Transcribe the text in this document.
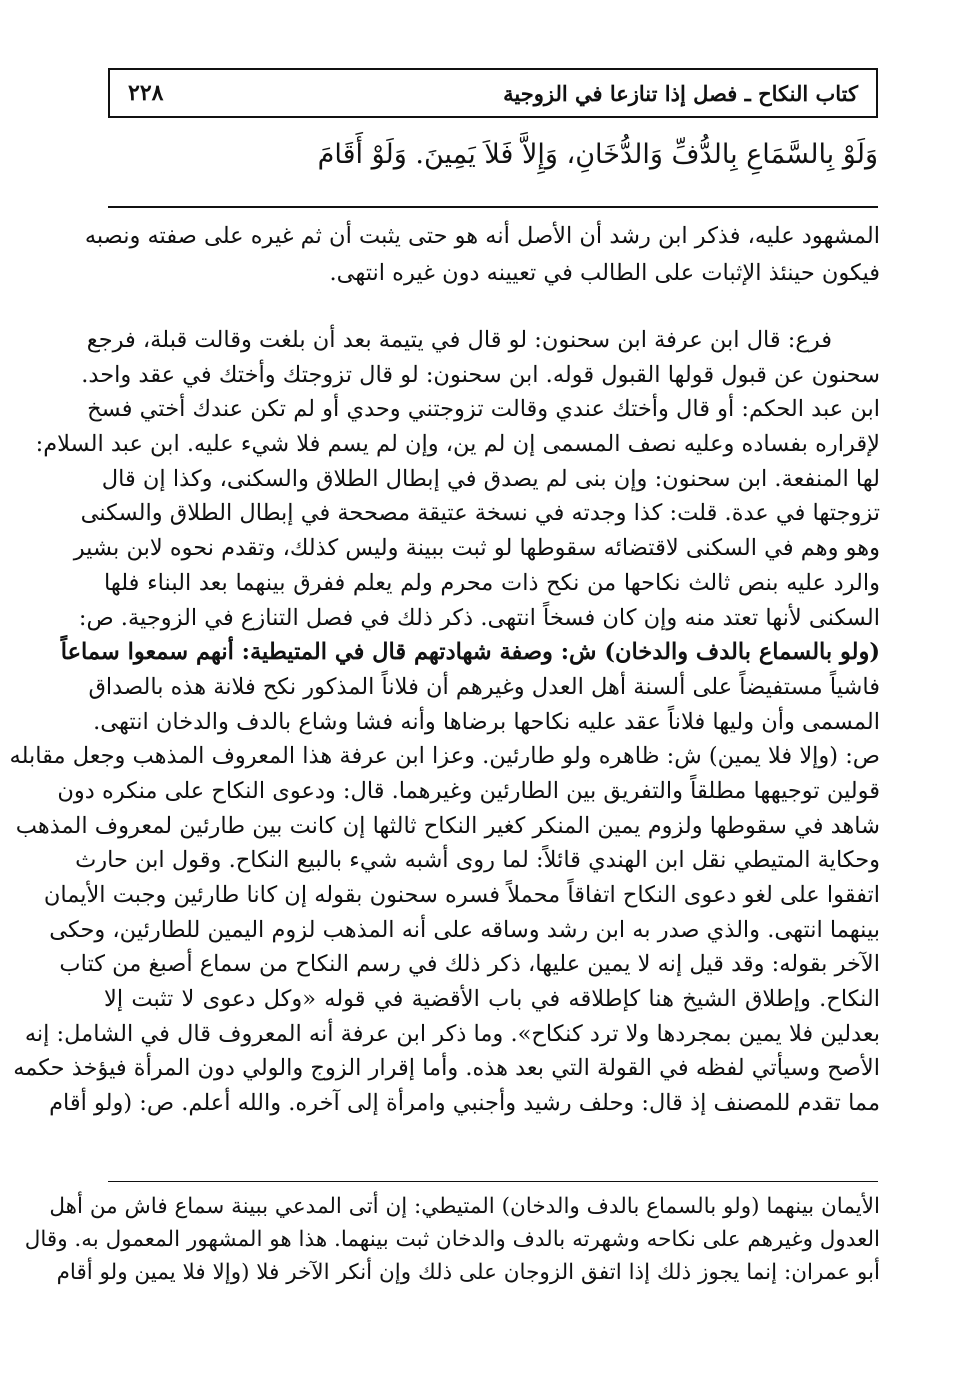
٢٢٨	كتاب النكاح ـ فصل إذا تنازعا في الزوجية
وَلَوْ بِالسَّمَاعِ بِالدُّفِّ وَالدُّخَانِ، وَإِلاَّ فَلاَ يَمِينَ. وَلَوْ أَقَامَ
المشهود عليه، فذكر ابن رشد أن الأصل أنه هو حتى يثبت أن ثم غيره على صفته ونصبه
فيكون حينئذ الإثبات على الطالب في تعيينه دون غيره انتهى.
فرع: قال ابن عرفة ابن سحنون: لو قال في يتيمة بعد أن بلغت وقالت قبلة، فرجع
سحنون عن قبول قولها القبول قوله. ابن سحنون: لو قال تزوجتك وأختك في عقد واحد.
ابن عبد الحكم: أو قال وأختك عندي وقالت تزوجتني وحدي أو لم تكن عندك أختي فسخ
لإقراره بفساده وعليه نصف المسمى إن لم ين، وإن لم يسم فلا شيء عليه. ابن عبد السلام:
لها المنفعة. ابن سحنون: وإن بنى لم يصدق في إبطال الطلاق والسكنى، وكذا إن قال
تزوجتها في عدة. قلت: كذا وجدته في نسخة عتيقة مصححة في إبطال الطلاق والسكنى
وهو وهم في السكنى لاقتضائه سقوطها لو ثبت ببينة وليس كذلك، وتقدم نحوه لابن بشير
والرد عليه بنص ثالث نكاحها من نكح ذات محرم ولم يعلم ففرق بينهما بعد البناء فلها
السكنى لأنها تعتد منه وإن كان فسخاً انتهى. ذكر ذلك في فصل التنازع في الزوجية. ص:
(ولو بالسماع بالدف والدخان) ش: وصفة شهادتهم قال في المتيطية: أنهم سمعوا سماعاً
فاشياً مستفيضاً على ألسنة أهل العدل وغيرهم أن فلاناً المذكور نكح فلانة هذه بالصداق
المسمى وأن وليها فلاناً عقد عليه نكاحها برضاها وأنه فشا وشاع بالدف والدخان انتهى.
ص: (وإلا فلا يمين) ش: ظاهره ولو طارئين. وعزا ابن عرفة هذا المعروف المذهب وجعل مقابله
قولين توجيهها مطلقاً والتفريق بين الطارئين وغيرهما. قال: ودعوى النكاح على منكره دون
شاهد في سقوطها ولزوم يمين المنكر كغير النكاح ثالثها إن كانت بين طارئين لمعروف المذهب
وحكاية المتيطي نقل ابن الهندي قائلاً: لما روى أشبه شيء بالبيع النكاح. وقول ابن حارث
اتفقوا على لغو دعوى النكاح اتفاقاً محملاً فسره سحنون بقوله إن كانا طارئين وجبت الأيمان
بينهما انتهى. والذي صدر به ابن رشد وساقه على أنه المذهب لزوم اليمين للطارئين، وحكى
الآخر بقوله: وقد قيل إنه لا يمين عليها، ذكر ذلك في رسم النكاح من سماع أصبغ من كتاب
النكاح. وإطلاق الشيخ هنا كإطلاقه في باب الأقضية في قوله «وكل دعوى لا تثبت إلا
بعدلين فلا يمين بمجردها ولا ترد كنكاح». وما ذكر ابن عرفة أنه المعروف قال في الشامل: إنه
الأصح وسيأتي لفظه في القولة التي بعد هذه. وأما إقرار الزوج والولي دون المرأة فيؤخذ حكمه
مما تقدم للمصنف إذ قال: وحلف رشيد وأجنبي وامرأة إلى آخره. والله أعلم. ص: (ولو أقام
الأيمان بينهما (ولو بالسماع بالدف والدخان) المتيطي: إن أتى المدعي ببينة سماع فاش من أهل
العدول وغيرهم على نكاحه وشهرته بالدف والدخان ثبت بينهما. هذا هو المشهور المعمول به. وقال
أبو عمران: إنما يجوز ذلك إذا اتفق الزوجان على ذلك وإن أنكر الآخر فلا (وإلا فلا يمين ولو أقام
